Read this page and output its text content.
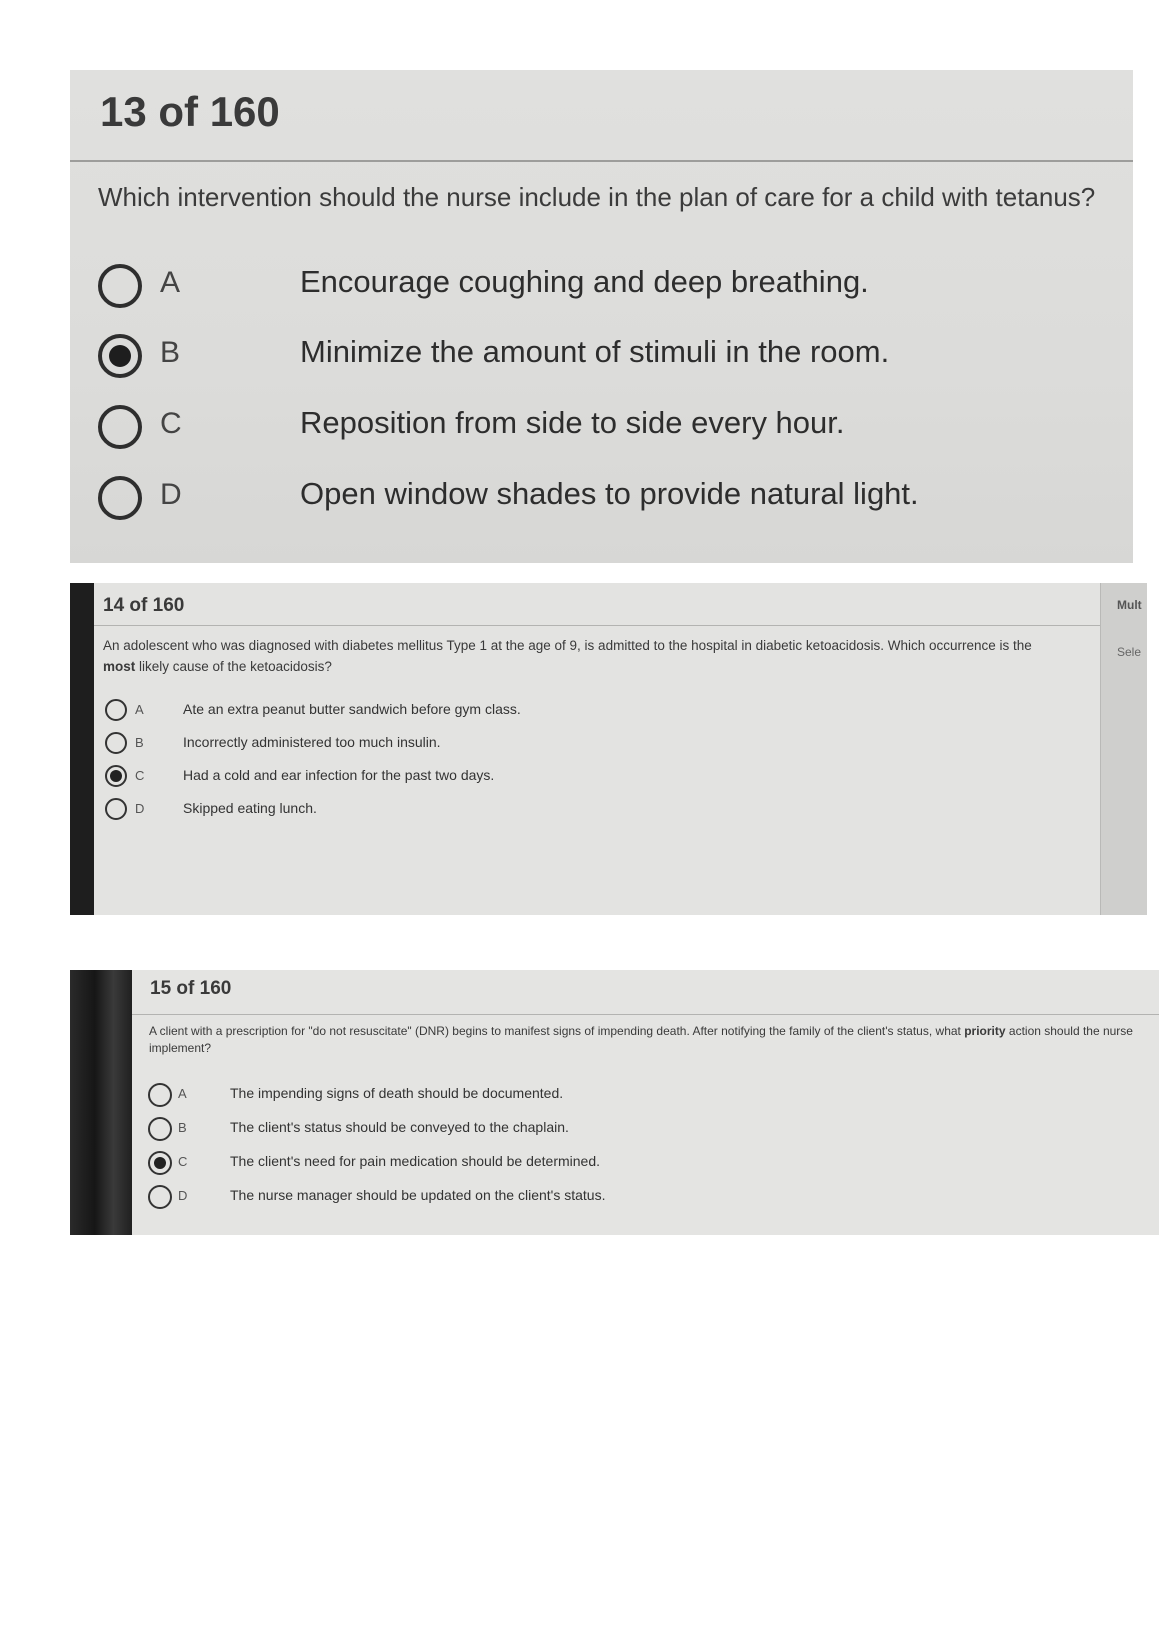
13 of 160
Which intervention should the nurse include in the plan of care for a child with tetanus?
A	Encourage coughing and deep breathing.
B	Minimize the amount of stimuli in the room.
C	Reposition from side to side every hour.
D	Open window shades to provide natural light.
14 of 160
An adolescent who was diagnosed with diabetes mellitus Type 1 at the age of 9, is admitted to the hospital in diabetic ketoacidosis. Which occurrence is the most likely cause of the ketoacidosis?
A	Ate an extra peanut butter sandwich before gym class.
B	Incorrectly administered too much insulin.
C	Had a cold and ear infection for the past two days.
D	Skipped eating lunch.
Mult
Sele
15 of 160
A client with a prescription for "do not resuscitate" (DNR) begins to manifest signs of impending death. After notifying the family of the client's status, what priority action should the nurse implement?
A	The impending signs of death should be documented.
B	The client's status should be conveyed to the chaplain.
C	The client's need for pain medication should be determined.
D	The nurse manager should be updated on the client's status.
